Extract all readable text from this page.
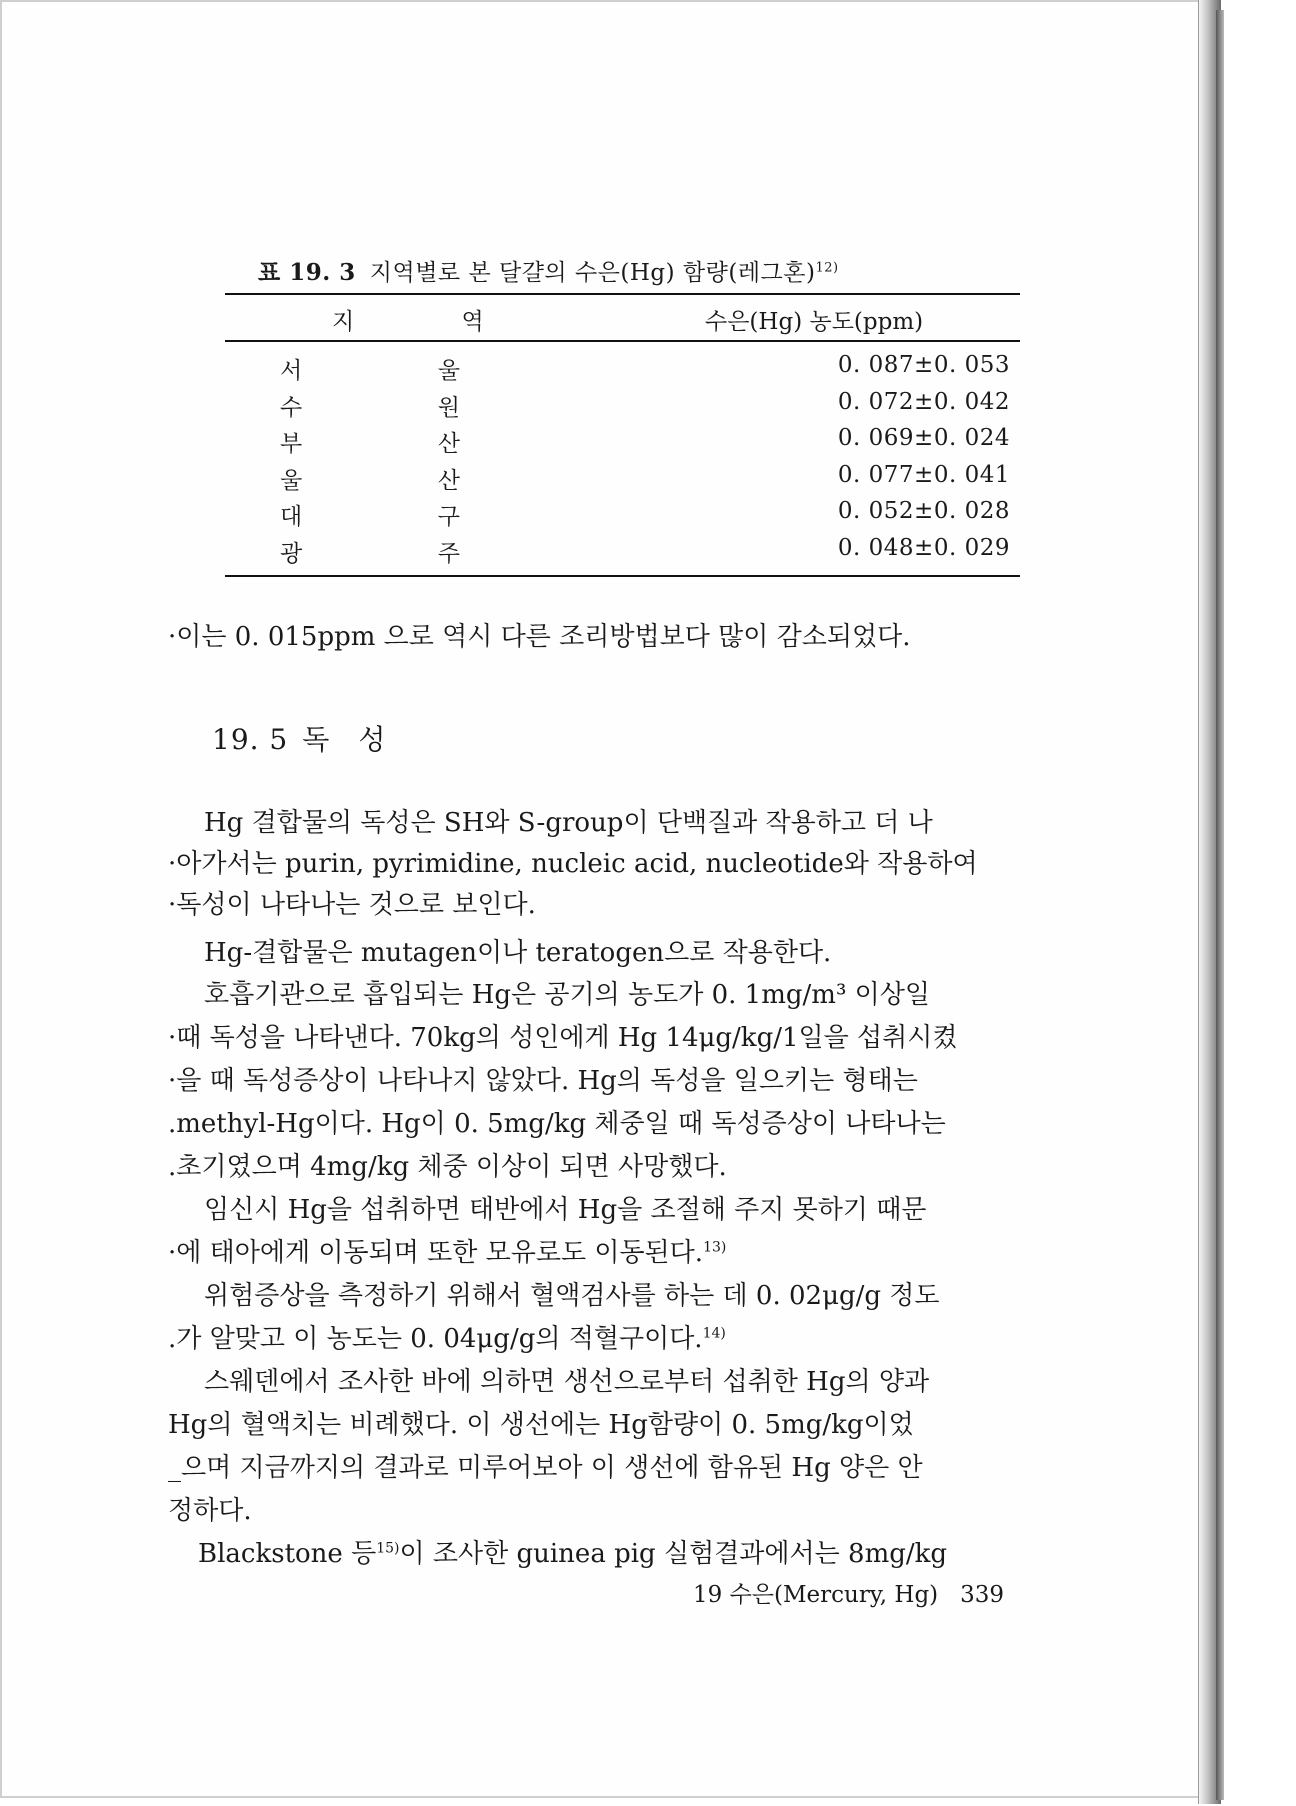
표 19. 3 지역별로 본 달걀의 수은(Hg) 함량(레그혼)$^{12)}$
지 역	수은(Hg) 농도(ppm)
서	울	0. 087±0. 053
수	원	0. 072±0. 042
부	산	0. 069±0. 024
울	산	0. 077±0. 041
대	구	0. 052±0. 028
광	주	0. 048±0. 029
·이는 0. 015ppm 으로 역시 다른 조리방법보다 많이 감소되었다.
19. 5 독 성
Hg 결합물의 독성은 SH와 S-group이 단백질과 작용하고 더 나
·아가서는 purin, pyrimidine, nucleic acid, nucleotide와 작용하여
·독성이 나타나는 것으로 보인다.
Hg-결합물은 mutagen이나 teratogen으로 작용한다.
호흡기관으로 흡입되는 Hg은 공기의 농도가 0. 1mg/m³ 이상일
·때 독성을 나타낸다. 70kg의 성인에게 Hg 14μg/kg/1일을 섭취시켰
·을 때 독성증상이 나타나지 않았다. Hg의 독성을 일으키는 형태는
.methyl-Hg이다. Hg이 0. 5mg/kg 체중일 때 독성증상이 나타나는
.초기였으며 4mg/kg 체중 이상이 되면 사망했다.
임신시 Hg을 섭취하면 태반에서 Hg을 조절해 주지 못하기 때문
·에 태아에게 이동되며 또한 모유로도 이동된다.$^{13)}$
위험증상을 측정하기 위해서 혈액검사를 하는 데 0. 02μg/g 정도
.가 알맞고 이 농도는 0. 04μg/g의 적혈구이다.$^{14)}$
스웨덴에서 조사한 바에 의하면 생선으로부터 섭취한 Hg의 양과
Hg의 혈액치는 비례했다. 이 생선에는 Hg함량이 0. 5mg/kg이었
_으며 지금까지의 결과로 미루어보아 이 생선에 함유된 Hg 양은 안
정하다.
Blackstone 등$^{15)}$이 조사한 guinea pig 실험결과에서는 8mg/kg
19 수은(Mercury, Hg) 339
